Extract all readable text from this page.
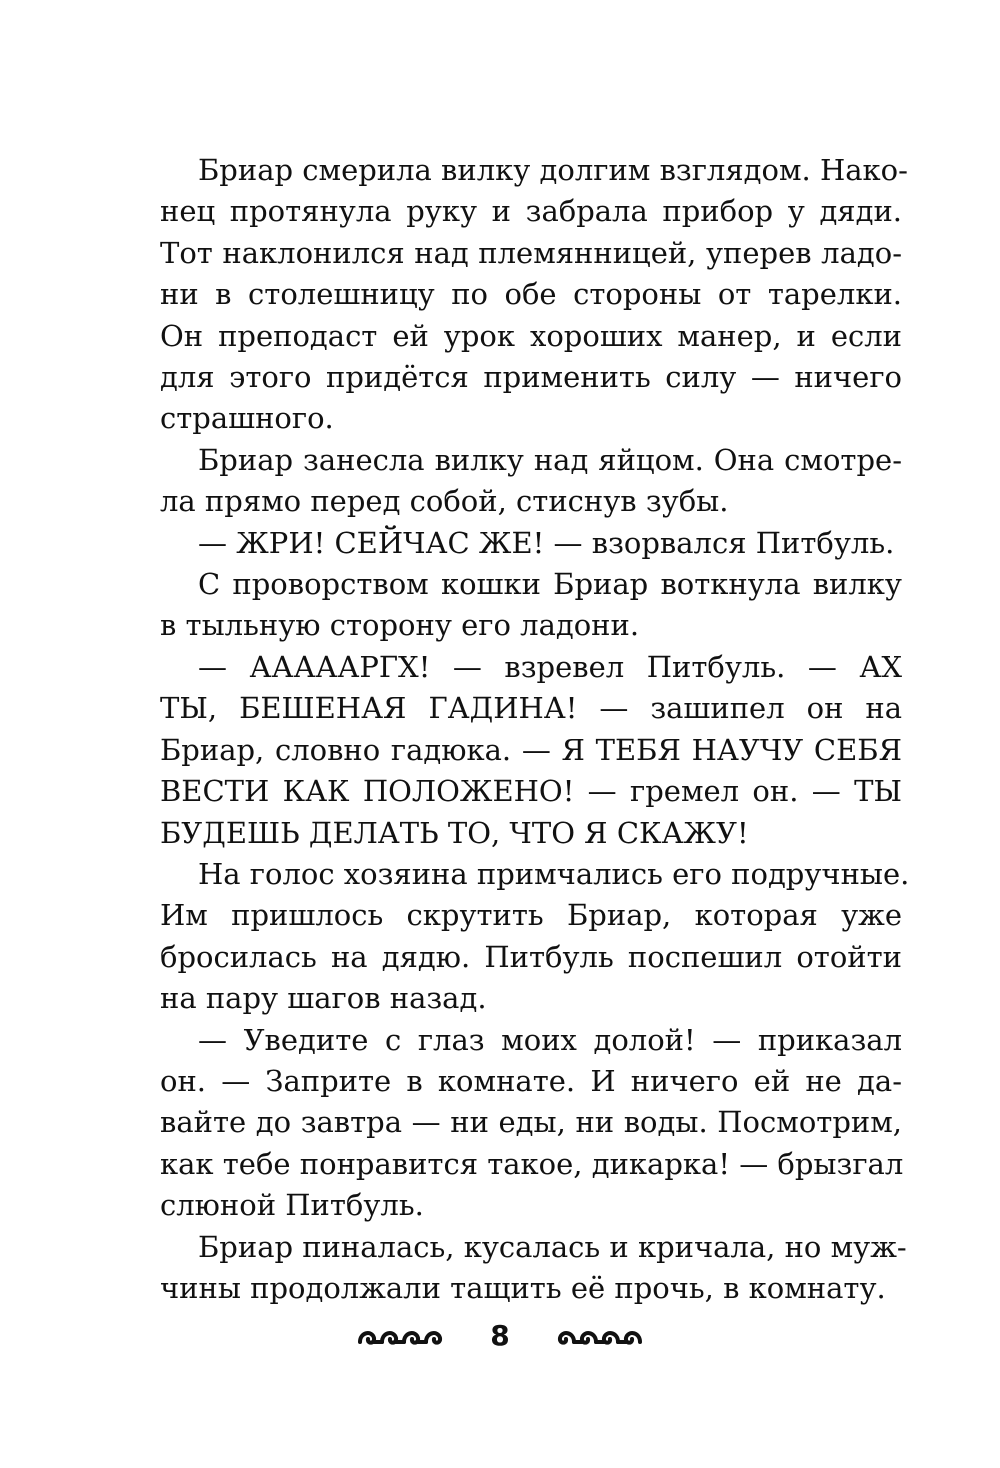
Бриар смерила вилку долгим взглядом. Нако-
нец протянула руку и забрала прибор у дяди.
Тот наклонился над племянницей, уперев ладо-
ни в столешницу по обе стороны от тарелки.
Он преподаст ей урок хороших манер, и если
для этого придётся применить силу — ничего
страшного.
Бриар занесла вилку над яйцом. Она смотре-
ла прямо перед собой, стиснув зубы.
— ЖРИ! СЕЙЧАС ЖЕ! — взорвался Питбуль.
С проворством кошки Бриар воткнула вилку
в тыльную сторону его ладони.
— АААААРГХ! — взревел Питбуль. — АХ
ТЫ, БЕШЕНАЯ ГАДИНА! — зашипел он на
Бриар, словно гадюка. — Я ТЕБЯ НАУЧУ СЕБЯ
ВЕСТИ КАК ПОЛОЖЕНО! — гремел он. — ТЫ
БУДЕШЬ ДЕЛАТЬ ТО, ЧТО Я СКАЖУ!
На голос хозяина примчались его подручные.
Им пришлось скрутить Бриар, которая уже
бросилась на дядю. Питбуль поспешил отойти
на пару шагов назад.
— Уведите с глаз моих долой! — приказал
он. — Заприте в комнате. И ничего ей не да-
вайте до завтра — ни еды, ни воды. Посмотрим,
как тебе понравится такое, дикарка! — брызгал
слюной Питбуль.
Бриар пиналась, кусалась и кричала, но муж-
чины продолжали тащить её прочь, в комнату.
8
